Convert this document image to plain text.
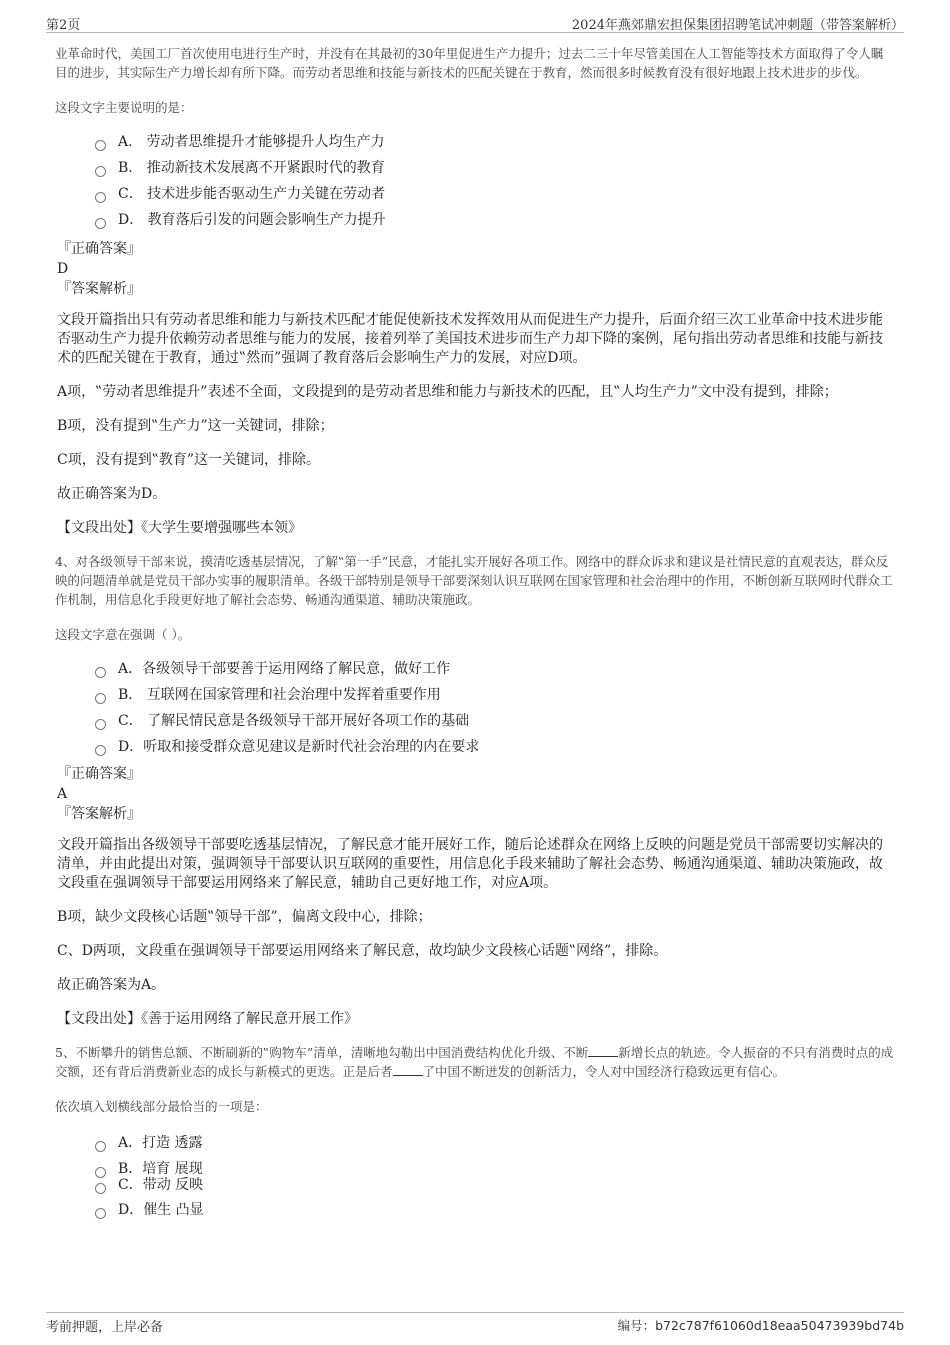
第2页	2024年燕郊鼎宏担保集团招聘笔试冲刺题（带答案解析）

业革命时代，美国工厂首次使用电进行生产时，并没有在其最初的30年里促进生产力提升；过去二三十年尽管美国在人工智能等技术方面取得了令人瞩目的进步，其实际生产力增长却有所下降。而劳动者思维和技能与新技术的匹配关键在于教育，然而很多时候教育没有很好地跟上技术进步的步伐。

这段文字主要说明的是：
A． 劳动者思维提升才能够提升人均生产力
B． 推动新技术发展离不开紧跟时代的教育
C． 技术进步能否驱动生产力关键在劳动者
D． 教育落后引发的问题会影响生产力提升
『正确答案』
D
『答案解析』
文段开篇指出只有劳动者思维和能力与新技术匹配才能促使新技术发挥效用从而促进生产力提升，后面介绍三次工业革命中技术进步能否驱动生产力提升依赖劳动者思维与能力的发展，接着列举了美国技术进步而生产力却下降的案例，尾句指出劳动者思维和技能与新技术的匹配关键在于教育，通过‟然而”强调了教育落后会影响生产力的发展，对应D项。
A项，‟劳动者思维提升”表述不全面，文段提到的是劳动者思维和能力与新技术的匹配，且‟人均生产力”文中没有提到，排除；
B项，没有提到‟生产力”这一关键词，排除；
C项，没有提到‟教育”这一关键词，排除。
故正确答案为D。
【文段出处】《大学生要增强哪些本领》

4、对各级领导干部来说，摸清吃透基层情况，了解‟第一手”民意，才能扎实开展好各项工作。网络中的群众诉求和建议是社情民意的直观表达，群众反映的问题清单就是党员干部办实事的履职清单。各级干部特别是领导干部要深刻认识互联网在国家管理和社会治理中的作用，不断创新互联网时代群众工作机制，用信息化手段更好地了解社会态势、畅通沟通渠道、辅助决策施政。

这段文字意在强调（ ）。
A．各级领导干部要善于运用网络了解民意，做好工作
B． 互联网在国家管理和社会治理中发挥着重要作用
C． 了解民情民意是各级领导干部开展好各项工作的基础
D．听取和接受群众意见建议是新时代社会治理的内在要求
『正确答案』
A
『答案解析』
文段开篇指出各级领导干部要吃透基层情况，了解民意才能开展好工作，随后论述群众在网络上反映的问题是党员干部需要切实解决的清单，并由此提出对策，强调领导干部要认识互联网的重要性，用信息化手段来辅助了解社会态势、畅通沟通渠道、辅助决策施政，故文段重在强调领导干部要运用网络来了解民意，辅助自己更好地工作，对应A项。
B项，缺少文段核心话题‟领导干部”，偏离文段中心，排除；
C、D两项，文段重在强调领导干部要运用网络来了解民意，故均缺少文段核心话题‟网络”，排除。
故正确答案为A。
【文段出处】《善于运用网络了解民意开展工作》

5、不断攀升的销售总额、不断刷新的‟购物车”清单，清晰地勾勒出中国消费结构优化升级、不断 新增长点的轨迹。令人振奋的不只有消费时点的成交额，还有背后消费新业态的成长与新模式的更迭。正是后者 了中国不断迸发的创新活力，令人对中国经济行稳致远更有信心。

依次填入划横线部分最恰当的一项是：
A．打造 透露
B．培育 展现
C．带动 反映
D．催生 凸显
考前押题，上岸必备	编号：b72c787f61060d18eaa50473939bd74b
